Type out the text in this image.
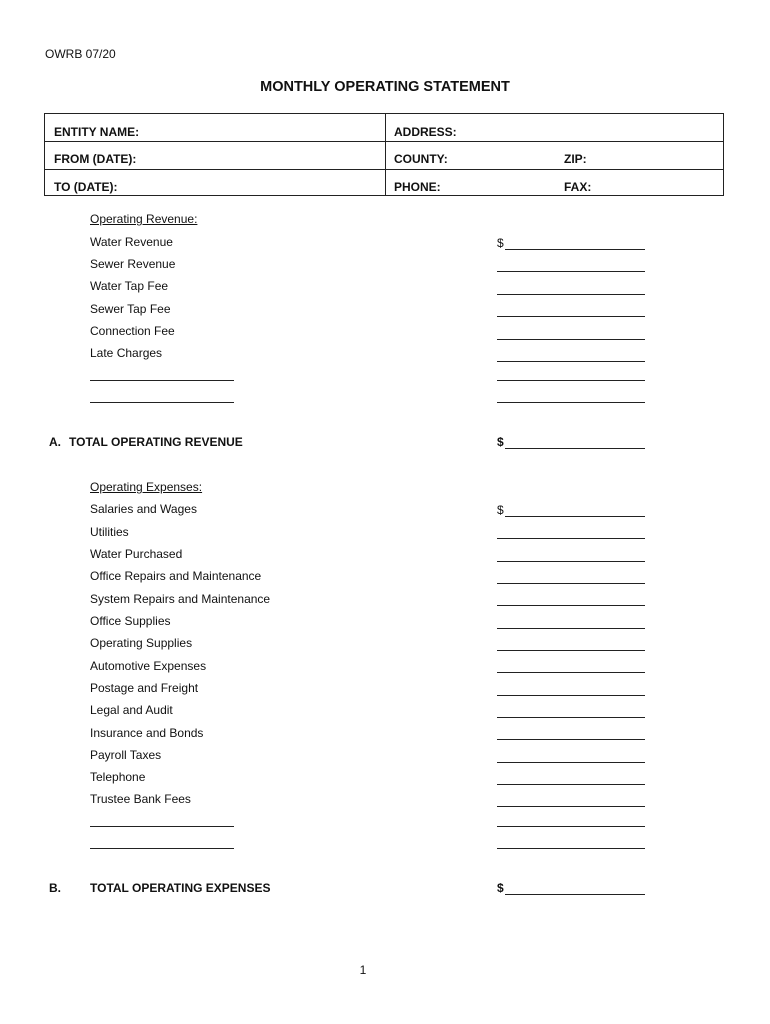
OWRB 07/20
MONTHLY OPERATING STATEMENT
ENTITY NAME:	ADDRESS:
FROM (DATE):	COUNTY:	ZIP:
TO (DATE):	PHONE:	FAX:
Operating Revenue:
Water Revenue	$
Sewer Revenue
Water Tap Fee
Sewer Tap Fee
Connection Fee
Late Charges
A. TOTAL OPERATING REVENUE	$
Operating Expenses:
Salaries and Wages	$
Utilities
Water Purchased
Office Repairs and Maintenance
System Repairs and Maintenance
Office Supplies
Operating Supplies
Automotive Expenses
Postage and Freight
Legal and Audit
Insurance and Bonds
Payroll Taxes
Telephone
Trustee Bank Fees
B. TOTAL OPERATING EXPENSES	$
1
